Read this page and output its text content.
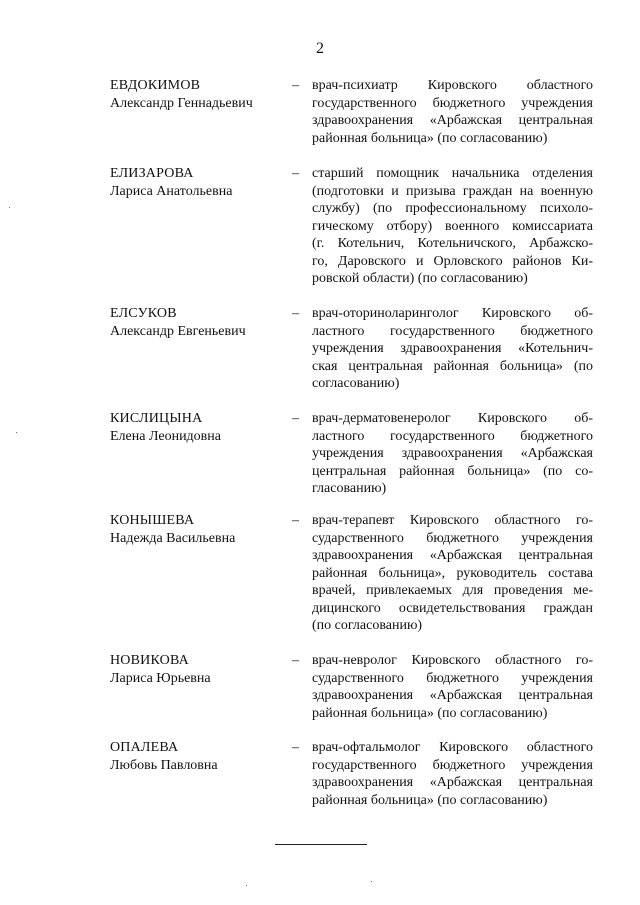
2
ЕВДОКИМОВ
Александр Геннадьевич
– врач-психиатр Кировского областного
государственного бюджетного учреждения
здравоохранения «Арбажская центральная
районная больница» (по согласованию)
ЕЛИЗАРОВА
Лариса Анатольевна
– старший помощник начальника отделения
(подготовки и призыва граждан на военную
службу) (по профессиональному психоло-
гическому отбору) военного комиссариата
(г. Котельнич, Котельничского, Арбажско-
го, Даровского и Орловского районов Ки-
ровской области) (по согласованию)
ЕЛСУКОВ
Александр Евгеньевич
– врач-оториноларинголог Кировского об-
ластного государственного бюджетного
учреждения здравоохранения «Котельнич-
ская центральная районная больница» (по
согласованию)
КИСЛИЦЫНА
Елена Леонидовна
– врач-дерматовенеролог Кировского об-
ластного государственного бюджетного
учреждения здравоохранения «Арбажская
центральная районная больница» (по со-
гласованию)
КОНЫШЕВА
Надежда Васильевна
– врач-терапевт Кировского областного го-
сударственного бюджетного учреждения
здравоохранения «Арбажская центральная
районная больница», руководитель состава
врачей, привлекаемых для проведения ме-
дицинского освидетельствования граждан
(по согласованию)
НОВИКОВА
Лариса Юрьевна
– врач-невролог Кировского областного го-
сударственного бюджетного учреждения
здравоохранения «Арбажская центральная
районная больница» (по согласованию)
ОПАЛЕВА
Любовь Павловна
– врач-офтальмолог Кировского областного
государственного бюджетного учреждения
здравоохранения «Арбажская центральная
районная больница» (по согласованию)
